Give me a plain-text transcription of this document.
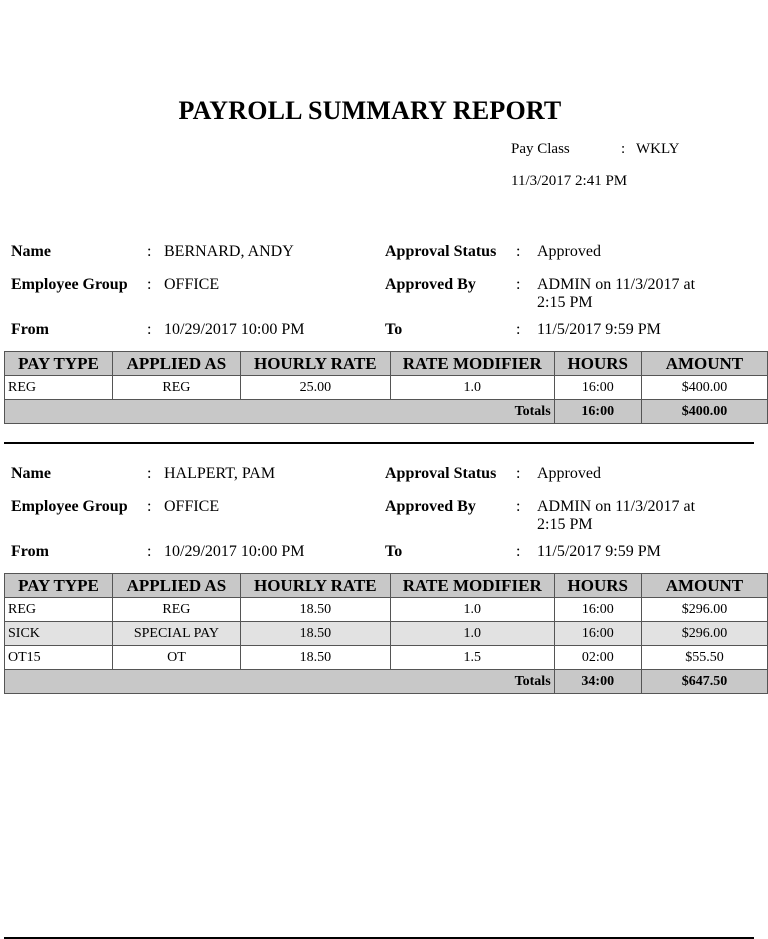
PAYROLL SUMMARY REPORT
Pay Class	: WKLY
11/3/2017 2:41 PM
Name	: BERNARD, ANDY
Employee Group : OFFICE
From	: 10/29/2017 10:00 PM
Approval Status : Approved
Approved By	: ADMIN on 11/3/2017 at
2:15 PM
To	: 11/5/2017 9:59 PM
PAY TYPE	APPLIED AS	HOURLY RATE	RATE MODIFIER	HOURS	AMOUNT
REG	REG	25.00	1.0	16:00	$400.00
Totals				16:00	$400.00
Name	: HALPERT, PAM
Employee Group : OFFICE
From	: 10/29/2017 10:00 PM
Approval Status : Approved
Approved By	: ADMIN on 11/3/2017 at
2:15 PM
To	: 11/5/2017 9:59 PM
PAY TYPE	APPLIED AS	HOURLY RATE	RATE MODIFIER	HOURS	AMOUNT
REG	REG	18.50	1.0	16:00	$296.00
SICK	SPECIAL PAY	18.50	1.0	16:00	$296.00
OT15	OT	18.50	1.5	02:00	$55.50
Totals				34:00	$647.50
